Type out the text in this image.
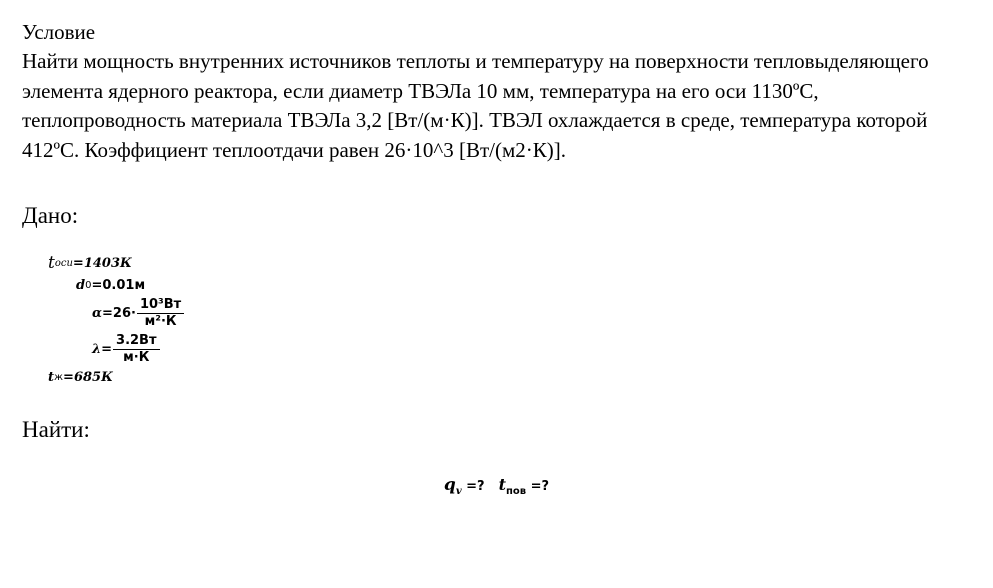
Условие

Найти мощность внутренних источников теплоты и температуру на поверхности тепловыделяющего элемента ядерного реактора, если диаметр ТВЭЛа 10 мм, температура на его оси 1130ºС, теплопроводность материала ТВЭЛа 3,2 [Вт/(м·К)]. ТВЭЛ охлаждается в среде, температура которой 412ºС. Коэффициент теплоотдачи равен 26·10^3 [Вт/(м2·К)].

Дано:
t оси = 1403К
d 0 = 0.01м
$\alpha = 26\cdot \frac{\text{10³Вт}}{\text{м²·К}}$
$\lambda = \frac{3.2Вт}{м\cdot К}$
t ж = 685К
Найти:
$q_v$ =? $t_{пов}$ =?
